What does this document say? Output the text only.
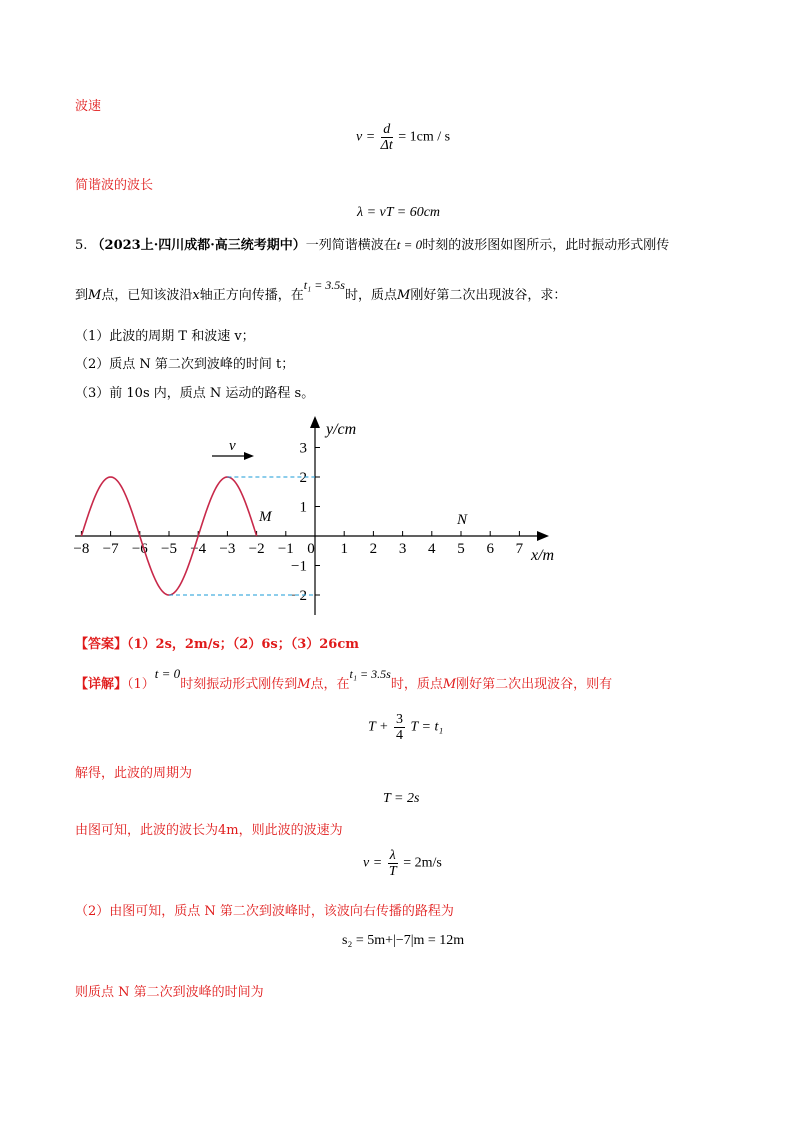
波速
$v = \frac{d}{\Delta t} = 1cm / s$
简谐波的波长
λ = vT = 60cm
5. （2023上·四川成都·高三统考期中）一列简谐横波在t = 0时刻的波形图如图所示，此时振动形式刚传
到M点，已知该波沿x轴正方向传播，在t₁ = 3.5s时，质点M刚好第二次出现波谷，求：
（1）此波的周期 T 和波速 v；
（2）质点 N 第二次到波峰的时间 t；
（3）前 10s 内，质点 N 运动的路程 s。
−8 −7 −6 −5 −4 −3 −2 −1 0 1 2 3 4 5 6 7
3
2
1
−1
−2
v
M	N
y/cm
x/m
【答案】（1）2s，2m/s；（2）6s；（3）26cm
【详解】（1）t = 0时刻振动形式刚传到M点，在t₁ = 3.5s时，质点M刚好第二次出现波谷，则有
$T + \frac{3}{4}$ T = t₁
解得，此波的周期为
T = 2s
由图可知，此波的波长为4m，则此波的波速为
$v = \frac{\lambda}{T} = 2m/s$
（2）由图可知，质点 N 第二次到波峰时，该波向右传播的路程为
s₂ = 5m+|−7|m = 12m
则质点 N 第二次到波峰的时间为
